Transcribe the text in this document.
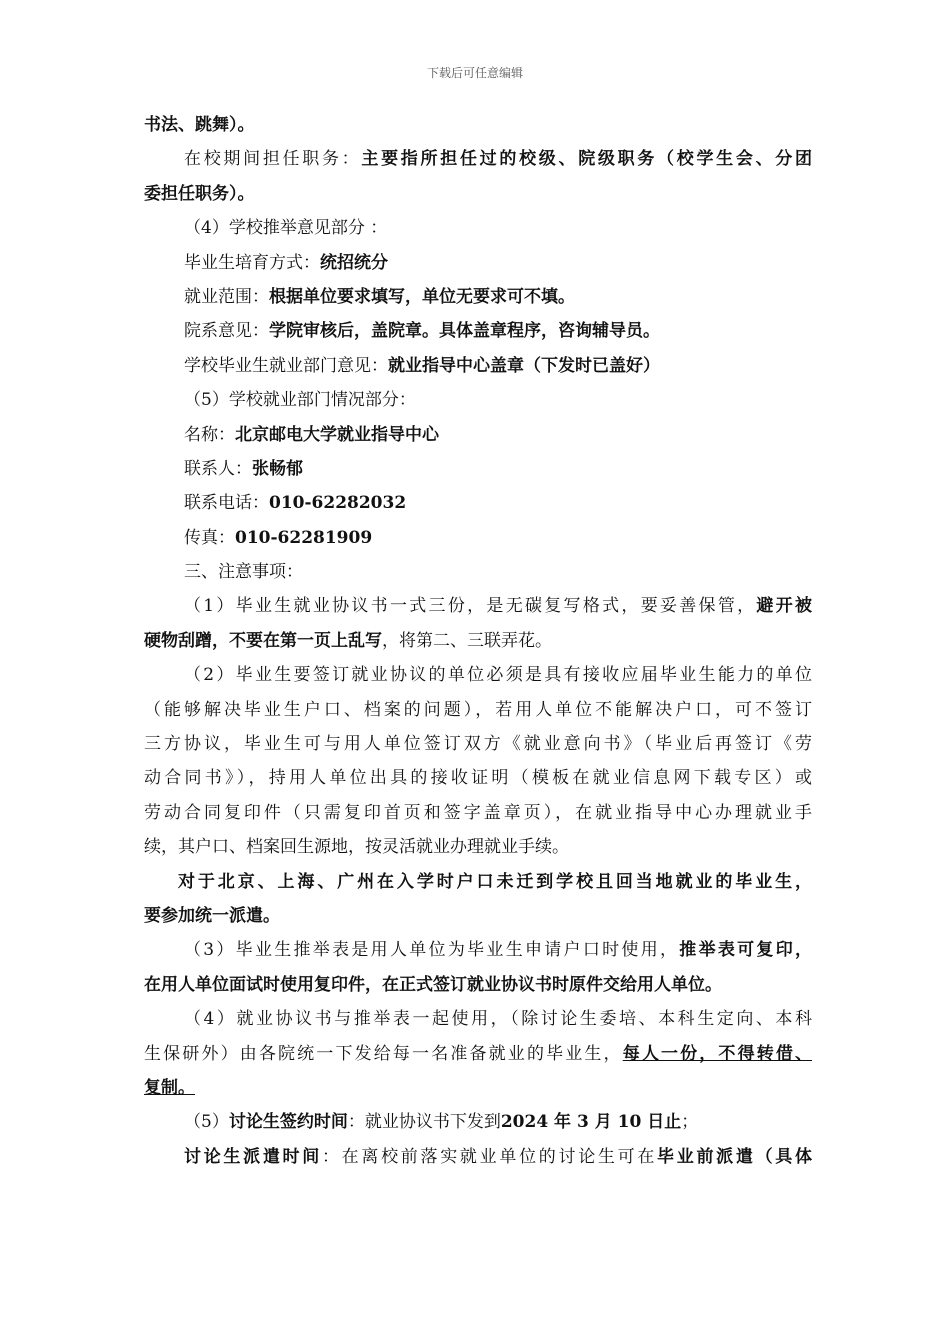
下载后可任意编辑
书法、跳舞）。
在校期间担任职务：主要指所担任过的校级、院级职务（校学生会、分团
委担任职务）。
（4）学校推举意见部分 ：
毕业生培育方式：统招统分
就业范围：根据单位要求填写，单位无要求可不填。
院系意见：学院审核后，盖院章。具体盖章程序，咨询辅导员。
学校毕业生就业部门意见：就业指导中心盖章（下发时已盖好）
（5）学校就业部门情况部分：
名称：北京邮电大学就业指导中心
联系人：张畅郁
联系电话：010-62282032
传真：010-62281909
三、注意事项：
（1）毕业生就业协议书一式三份，是无碳复写格式，要妥善保管，避开被
硬物刮蹭，不要在第一页上乱写，将第二、三联弄花。
（2）毕业生要签订就业协议的单位必须是具有接收应届毕业生能力的单位
（能够解决毕业生户口、档案的问题），若用人单位不能解决户口，可不签订
三方协议，毕业生可与用人单位签订双方《就业意向书》（毕业后再签订《劳
动合同书》），持用人单位出具的接收证明（模板在就业信息网下载专区）或
劳动合同复印件（只需复印首页和签字盖章页），在就业指导中心办理就业手
续，其户口、档案回生源地，按灵活就业办理就业手续。
对于北京、上海、广州在入学时户口未迁到学校且回当地就业的毕业生，
要参加统一派遣。
（3）毕业生推举表是用人单位为毕业生申请户口时使用，推举表可复印，
在用人单位面试时使用复印件，在正式签订就业协议书时原件交给用人单位。
（4）就业协议书与推举表一起使用，（除讨论生委培、本科生定向、本科
生保研外）由各院统一下发给每一名准备就业的毕业生，每人一份，不得转借、
复制。
（5）讨论生签约时间：就业协议书下发到2024 年 3 月 10 日止；
讨论生派遣时间：在离校前落实就业单位的讨论生可在毕业前派遣（具体
